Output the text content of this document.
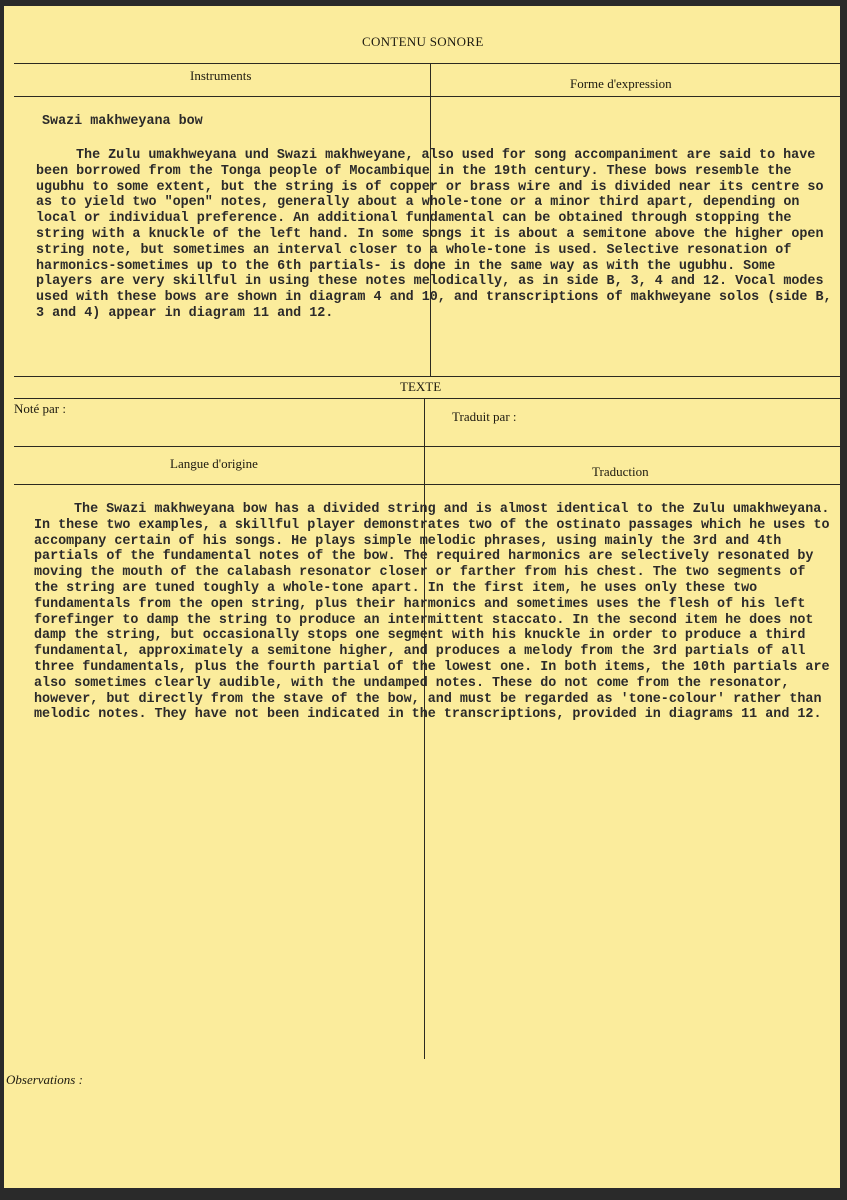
CONTENU SONORE
Instruments
Forme d'expression
Swazi makhweyana bow

The Zulu umakhweyana und Swazi makhweyane, also used for song accompaniment are said to have been borrowed from the Tonga people of Mocambique in the 19th century. These bows resemble the ugubhu to some extent, but the string is of copper or brass wire and is divided near its centre so as to yield two "open" notes, generally about a whole-tone or a minor third apart, depending on local or individual preference. An additional fundamental can be obtained through stopping the string with a knuckle of the left hand. In some songs it is about a semitone above the higher open string note, but sometimes an interval closer to a whole-tone is used. Selective resonation of harmonics-sometimes up to the 6th partials- is done in the same way as with the ugubhu. Some players are very skillful in using these notes melodically, as in side B, 3, 4 and 12. Vocal modes used with these bows are shown in diagram 4 and 10, and transcriptions of makhweyane solos (side B, 3 and 4) appear in diagram 11 and 12.

TEXTE
Noté par :
Traduit par :
Langue d'origine
Traduction

The Swazi makhweyana bow has a divided string and is almost identical to the Zulu umakhweyana. In these two examples, a skillful player demonstrates two of the ostinato passages which he uses to accompany certain of his songs. He plays simple melodic phrases, using mainly the 3rd and 4th partials of the fundamental notes of the bow. The required harmonics are selectively resonated by moving the mouth of the calabash resonator closer or farther from his chest. The two segments of the string are tuned toughly a whole-tone apart. In the first item, he uses only these two fundamentals from the open string, plus their harmonics and sometimes uses the flesh of his left forefinger to damp the string to produce an intermittent staccato. In the second item he does not damp the string, but occasionally stops one segment with his knuckle in order to produce a third fundamental, approximately a semitone higher, and produces a melody from the 3rd partials of all three fundamentals, plus the fourth partial of the lowest one. In both items, the 10th partials are also sometimes clearly audible, with the undamped notes. These do not come from the resonator, however, but directly from the stave of the bow, and must be regarded as 'tone-colour' rather than melodic notes. They have not been indicated in the transcriptions, provided in diagrams 11 and 12.

Observations :
